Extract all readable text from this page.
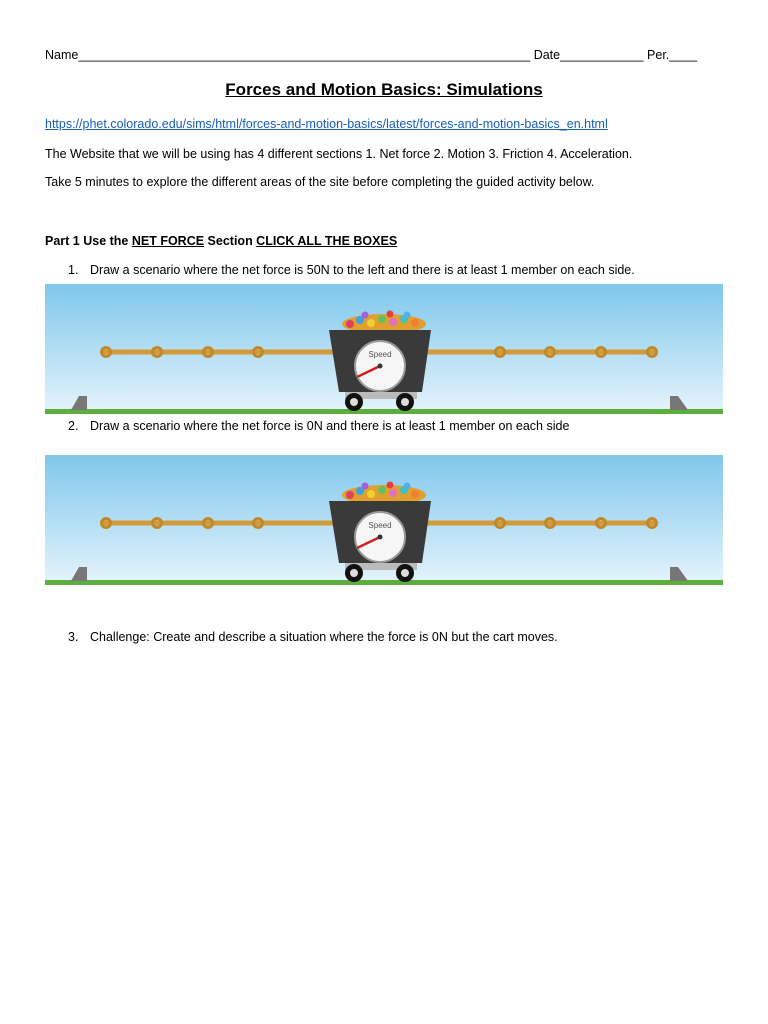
Name_________________________________________________________________ Date____________ Per.____
Forces and Motion Basics: Simulations
https://phet.colorado.edu/sims/html/forces-and-motion-basics/latest/forces-and-motion-basics_en.html
The Website that we will be using has 4 different sections 1. Net force 2. Motion 3. Friction 4. Acceleration.
Take 5 minutes to explore the different areas of the site before completing the guided activity below.
Part 1 Use the NET FORCE Section CLICK ALL THE BOXES
1. Draw a scenario where the net force is 50N to the left and there is at least 1 member on each side.
Speed
2. Draw a scenario where the net force is 0N and there is at least 1 member on each side
Speed
3. Challenge: Create and describe a situation where the force is 0N but the cart moves.
